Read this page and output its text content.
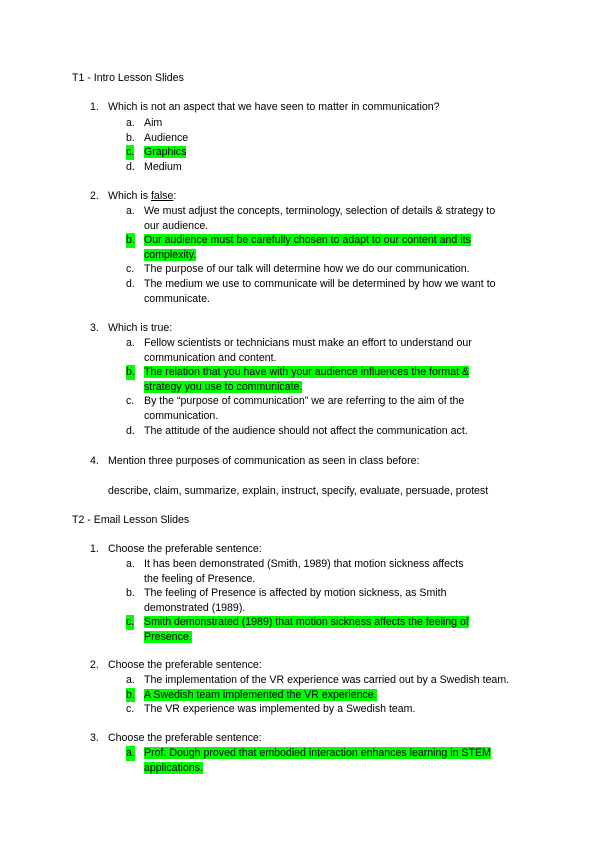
T1 - Intro Lesson Slides
1. Which is not an aspect that we have seen to matter in communication?
a. Aim
b. Audience
c. Graphics
d. Medium
2. Which is false:
a. We must adjust the concepts, terminology, selection of details & strategy to our audience.
b. Our audience must be carefully chosen to adapt to our content and its complexity.
c. The purpose of our talk will determine how we do our communication.
d. The medium we use to communicate will be determined by how we want to communicate.
3. Which is true:
a. Fellow scientists or technicians must make an effort to understand our communication and content.
b. The relation that you have with your audience influences the format & strategy you use to communicate.
c. By the “purpose of communication” we are referring to the aim of the communication.
d. The attitude of the audience should not affect the communication act.
4. Mention three purposes of communication as seen in class before:
describe, claim, summarize, explain, instruct, specify, evaluate, persuade, protest
T2 - Email Lesson Slides
1. Choose the preferable sentence:
a. It has been demonstrated (Smith, 1989) that motion sickness affects the feeling of Presence.
b. The feeling of Presence is affected by motion sickness, as Smith demonstrated (1989).
c. Smith demonstrated (1989) that motion sickness affects the feeling of Presence.
2. Choose the preferable sentence:
a. The implementation of the VR experience was carried out by a Swedish team.
b. A Swedish team implemented the VR experience.
c. The VR experience was implemented by a Swedish team.
3. Choose the preferable sentence:
a. Prof. Dough proved that embodied interaction enhances learning in STEM applications.
